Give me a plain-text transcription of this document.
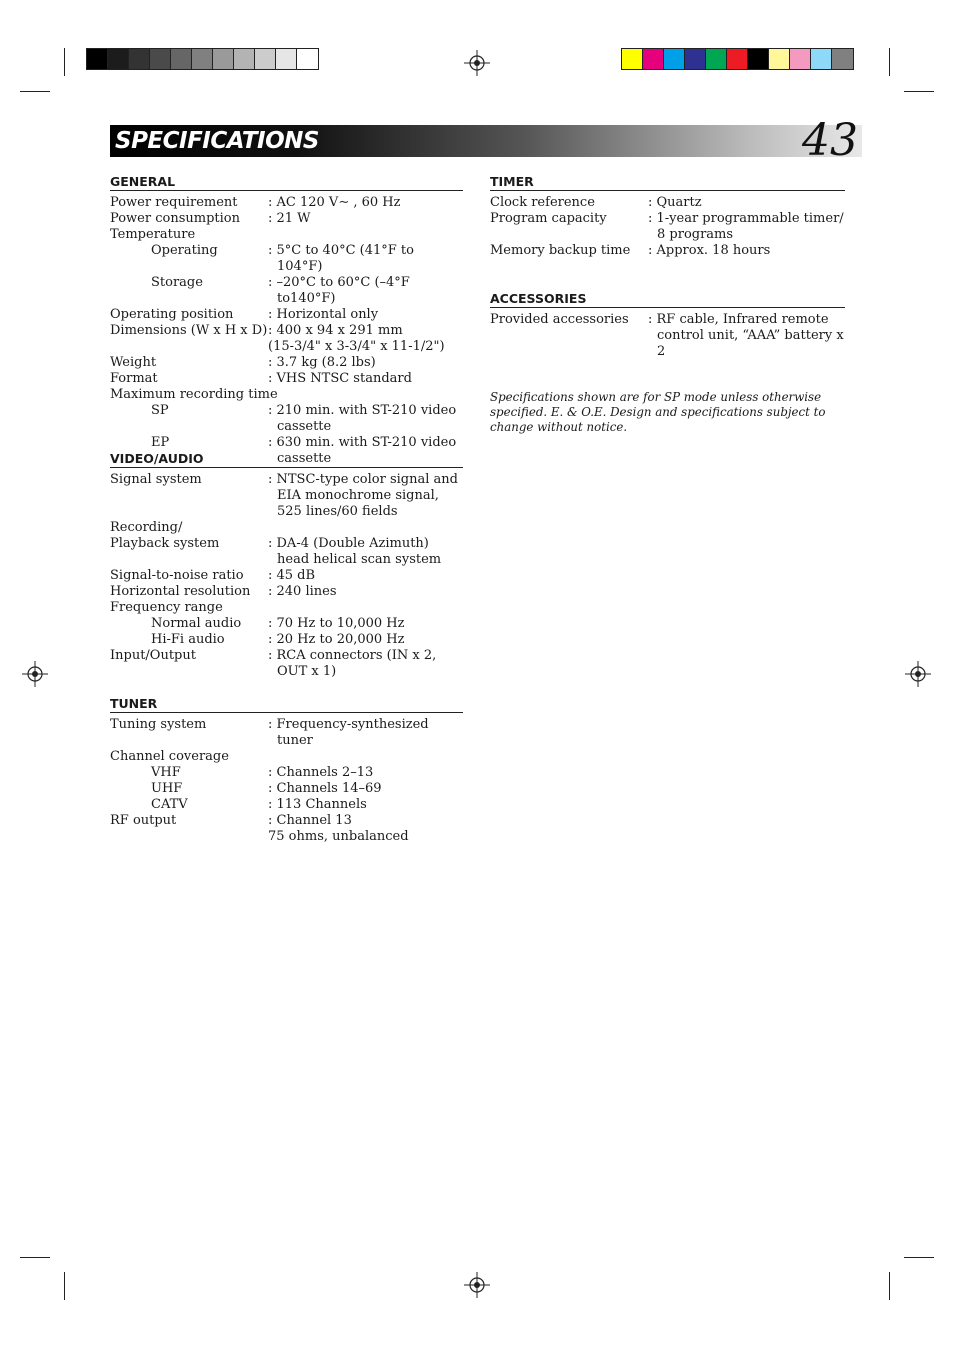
SPECIFICATIONS	43
GENERAL
Power requirement	: AC 120 V∼ , 60 Hz
Power consumption	: 21 W
Temperature
Operating	: 5°C to 40°C (41°F to 104°F)
Storage	: –20°C to 60°C (–4°F to140°F)
Operating position	: Horizontal only
Dimensions (W x H x D) : 400 x 94 x 291 mm
(15-3/4" x 3-3/4" x 11-1/2")
Weight	: 3.7 kg (8.2 lbs)
Format	: VHS NTSC standard
Maximum recording time
SP	: 210 min. with ST-210 video cassette
EP	: 630 min. with ST-210 video cassette
VIDEO/AUDIO
Signal system	: NTSC-type color signal and EIA monochrome signal, 525 lines/60 fields
Recording/
Playback system	: DA-4 (Double Azimuth) head helical scan system
Signal-to-noise ratio	: 45 dB
Horizontal resolution	: 240 lines
Frequency range
Normal audio	: 70 Hz to 10,000 Hz
Hi-Fi audio	: 20 Hz to 20,000 Hz
Input/Output	: RCA connectors (IN x 2, OUT x 1)
TUNER
Tuning system	: Frequency-synthesized tuner
Channel coverage
VHF	: Channels 2–13
UHF	: Channels 14–69
CATV	: 113 Channels
RF output	: Channel 13
75 ohms, unbalanced
TIMER
Clock reference	: Quartz
Program capacity	: 1-year programmable timer/ 8 programs
Memory backup time	: Approx. 18 hours
ACCESSORIES
Provided accessories	: RF cable, Infrared remote control unit, “AAA” battery x 2
Specifications shown are for SP mode unless otherwise specified. E. & O.E. Design and specifications subject to change without notice.
